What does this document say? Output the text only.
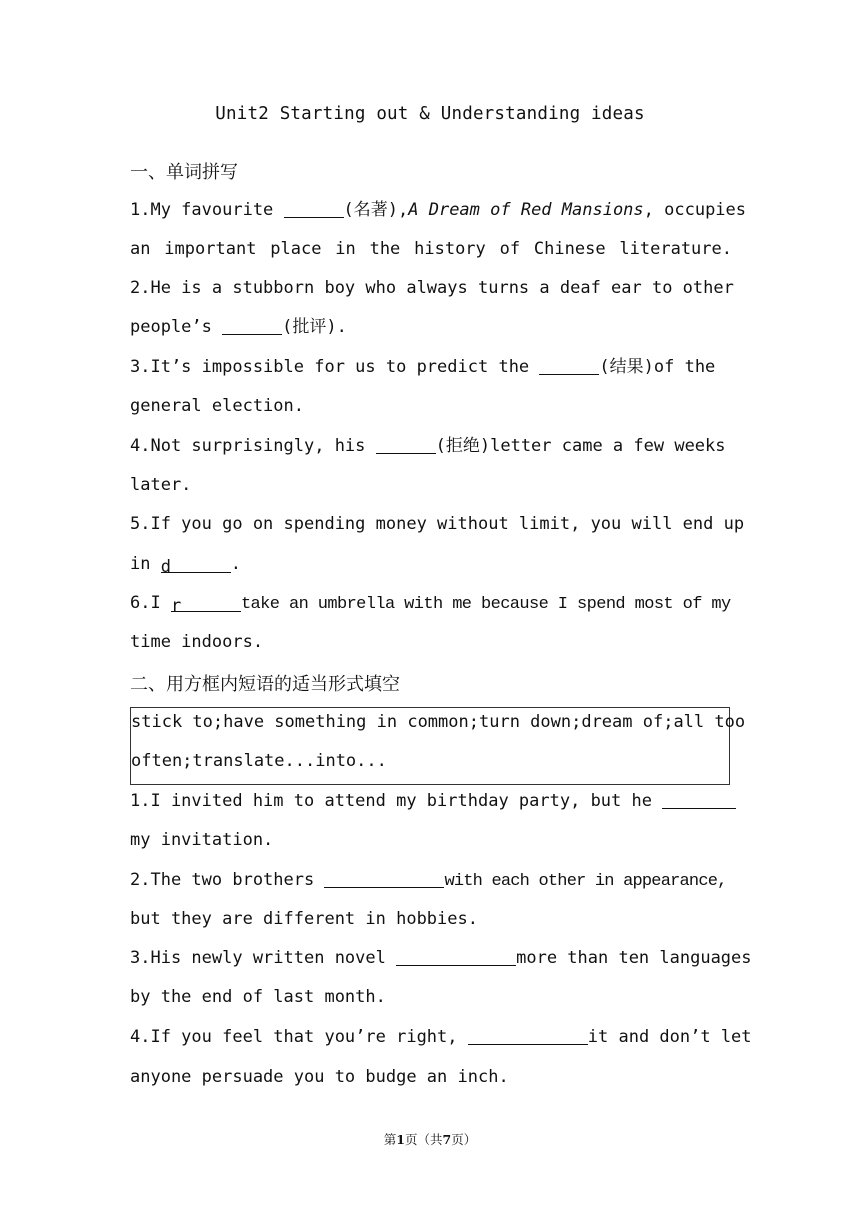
Unit2 Starting out & Understanding ideas
一、单词拼写
1.My favourite	(名著),A Dream of Red Mansions, occupies
an important place in the history of Chinese literature.
2.He is a stubborn boy who always turns a deaf ear to other
people’s	(批评).
3.It’s impossible for us to predict the	(结果)of the
general election.
4.Not surprisingly, his	(拒绝)letter came a few weeks
later.
5.If you go on spending money without limit, you will end up
in d	.
6.I r	take an umbrella with me because I spend most of my
time indoors.
二、用方框内短语的适当形式填空
stick to;have something in common;turn down;dream of;all too
often;translate...into...
1.I invited him to attend my birthday party, but he
my invitation.
2.The two brothers	with each other in appearance,
but they are different in hobbies.
3.His newly written novel	more than ten languages
by the end of last month.
4.If you feel that you’re right,	it and don’t let
anyone persuade you to budge an inch.
第1页（共7页）
